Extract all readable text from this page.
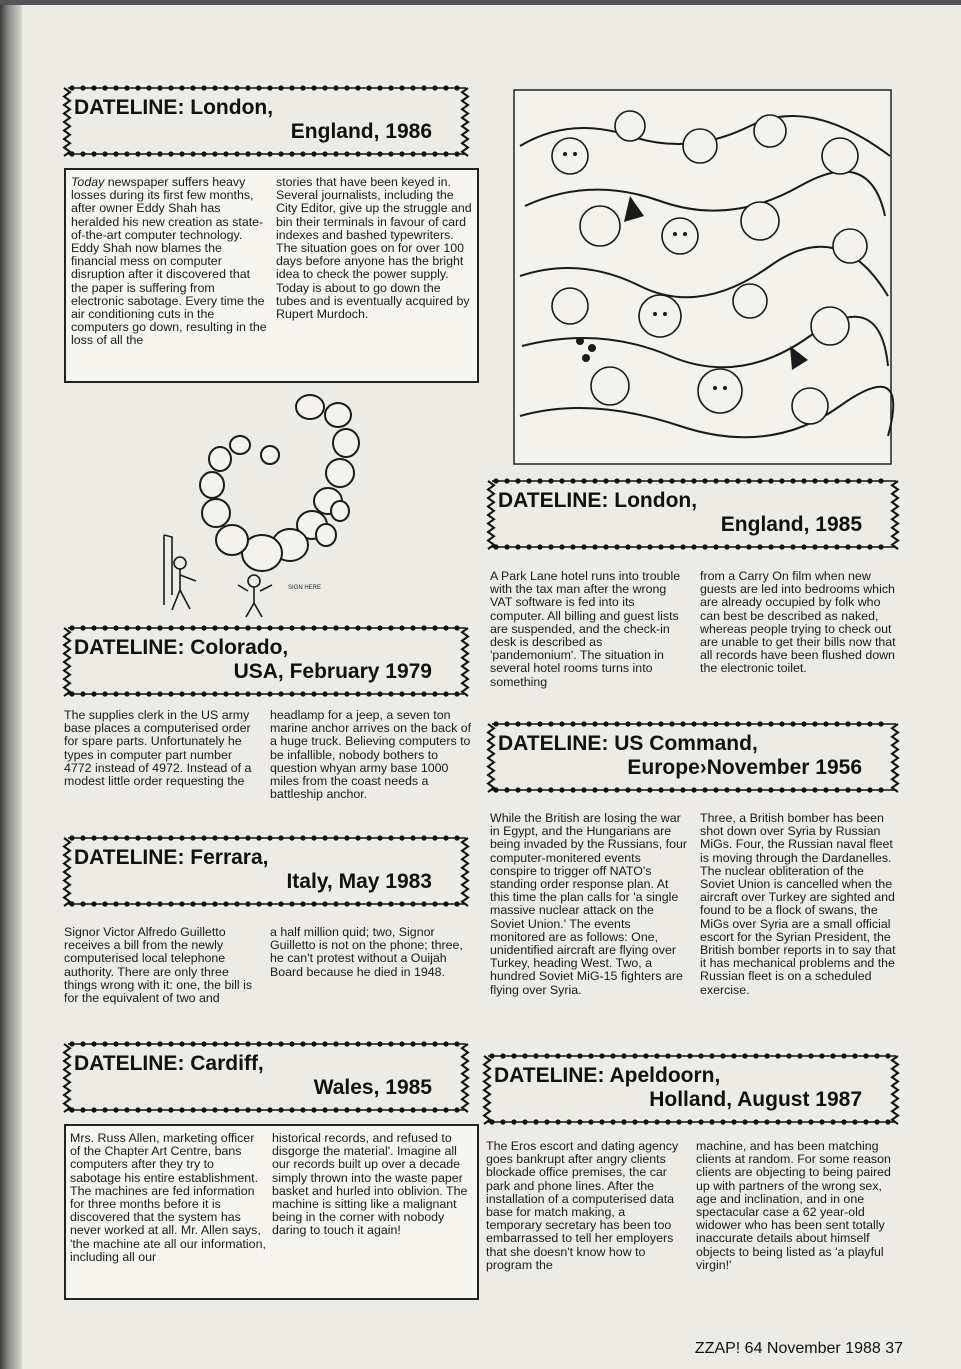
DATELINE: London,
England, 1986

Today newspaper suffers heavy losses during its first few months, after owner Eddy Shah has heralded his new creation as state-of-the-art computer technology. Eddy Shah now blames the financial mess on computer disruption after it discovered that the paper is suffering from electronic sabotage. Every time the air conditioning cuts in the computers go down, resulting in the loss of all the

stories that have been keyed in. Several journalists, including the City Editor, give up the struggle and bin their terminals in favour of card indexes and bashed typewriters. The situation goes on for over 100 days before anyone has the bright idea to check the power supply. Today is about to go down the tubes and is eventually acquired by Rupert Murdoch.

SIGN HERE
DATELINE: Colorado,
USA, February 1979

The supplies clerk in the US army base places a computerised order for spare parts. Unfortunately he types in computer part number 4772 instead of 4972. Instead of a modest little order requesting the

headlamp for a jeep, a seven ton marine anchor arrives on the back of a huge truck. Believing computers to be infallible, nobody bothers to question whyan army base 1000 miles from the coast needs a battleship anchor.

DATELINE: Ferrara,
Italy, May 1983

Signor Victor Alfredo Guilletto receives a bill from the newly computerised local telephone authority. There are only three things wrong with it: one, the bill is for the equivalent of two and

a half million quid; two, Signor Guilletto is not on the phone; three, he can't protest without a Ouijah Board because he died in 1948.

DATELINE: Cardiff,
Wales, 1985

Mrs. Russ Allen, marketing officer of the Chapter Art Centre, bans computers after they try to sabotage his entire establishment. The machines are fed information for three months before it is discovered that the system has never worked at all. Mr. Allen says, 'the machine ate all our information, including all our

historical records, and refused to disgorge the material'. Imagine all our records built up over a decade simply thrown into the waste paper basket and hurled into oblivion. The machine is sitting like a malignant being in the corner with nobody daring to touch it again!

DATELINE: London,
England, 1985

A Park Lane hotel runs into trouble with the tax man after the wrong VAT software is fed into its computer. All billing and guest lists are suspended, and the check-in desk is described as 'pandemonium'. The situation in several hotel rooms turns into something

from a Carry On film when new guests are led into bedrooms which are already occupied by folk who can best be described as naked, whereas people trying to check out are unable to get their bills now that all records have been flushed down the electronic toilet.

DATELINE: US Command,
Europe›November 1956

While the British are losing the war in Egypt, and the Hungarians are being invaded by the Russians, four computer-monitered events conspire to trigger off NATO's standing order response plan. At this time the plan calls for 'a single massive nuclear attack on the Soviet Union.' The events monitored are as follows: One, unidentified aircraft are flying over Turkey, heading West. Two, a hundred Soviet MiG-15 fighters are flying over Syria.

Three, a British bomber has been shot down over Syria by Russian MiGs. Four, the Russian naval fleet is moving through the Dardanelles. The nuclear obliteration of the Soviet Union is cancelled when the aircraft over Turkey are sighted and found to be a flock of swans, the MiGs over Syria are a small official escort for the Syrian President, the British bomber reports in to say that it has mechanical problems and the Russian fleet is on a scheduled exercise.

DATELINE: Apeldoorn,
Holland, August 1987

The Eros escort and dating agency goes bankrupt after angry clients blockade office premises, the car park and phone lines. After the installation of a computerised data base for match making, a temporary secretary has been too embarrassed to tell her employers that she doesn't know how to program the

machine, and has been matching clients at random. For some reason clients are objecting to being paired up with partners of the wrong sex, age and inclination, and in one spectacular case a 62 year-old widower who has been sent totally inaccurate details about himself objects to being listed as 'a playful virgin!'

ZZAP! 64 November 1988 37
